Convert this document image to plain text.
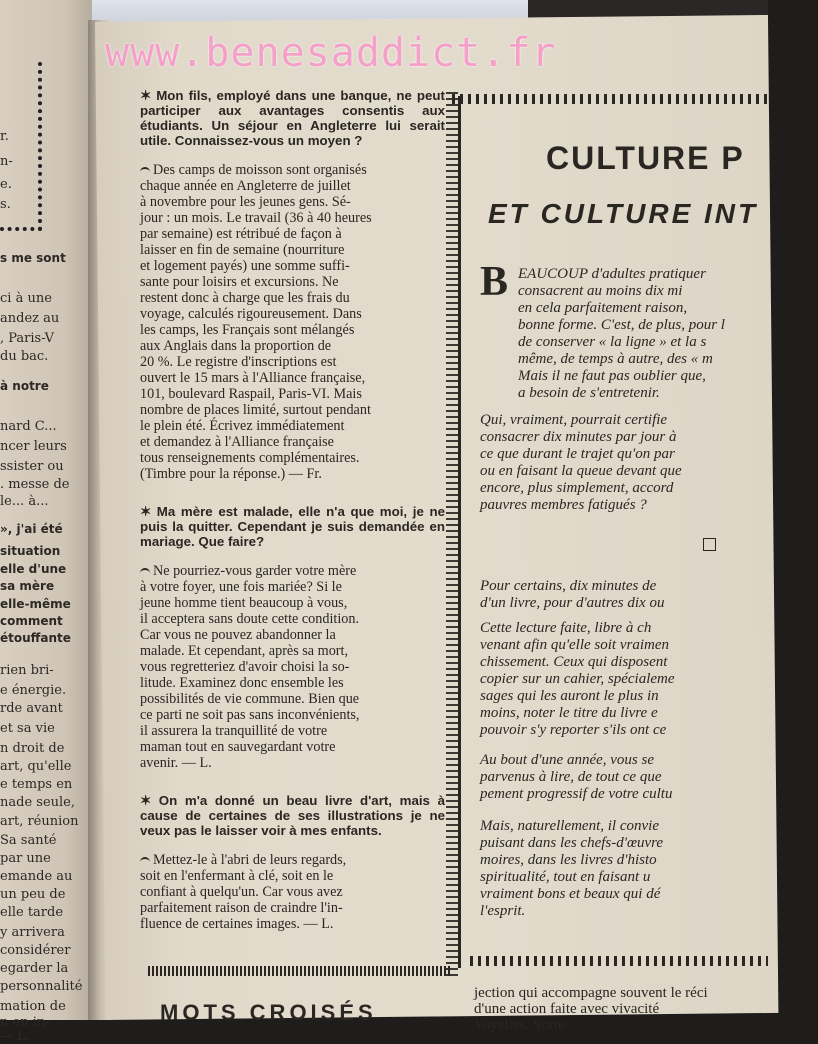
r.
n-
e.
s.
s me sont
ci à une
andez au
, Paris-V
du bac.
à notre
nard C...
ncer leurs
ssister ou
. messe de
le... à...
», j'ai été
situation
elle d'une
sa mère
elle-même
comment
étouffante
rien bri-
e énergie.
rde avant
et sa vie
n droit de
art, qu'elle
e temps en
nade seule,
art, réunion
Sa santé
par une
emande au
un peu de
elle tarde
y arrivera
considérer
egarder la
personnalité
mation de
n en in-
— L.
www.benesaddict.fr

✶ Mon fils, employé dans une banque, ne peut participer aux avantages consentis aux étudiants. Un séjour en Angleterre lui serait utile. Connaissez-vous un moyen ?

Des camps de moisson sont organisés
chaque année en Angleterre de juillet
à novembre pour les jeunes gens. Sé-
jour : un mois. Le travail (36 à 40 heures
par semaine) est rétribué de façon à
laisser en fin de semaine (nourriture
et logement payés) une somme suffi-
sante pour loisirs et excursions. Ne
restent donc à charge que les frais du
voyage, calculés rigoureusement. Dans
les camps, les Français sont mélangés
aux Anglais dans la proportion de
20 %. Le registre d'inscriptions est
ouvert le 15 mars à l'Alliance française,
101, boulevard Raspail, Paris-VI. Mais
nombre de places limité, surtout pendant
le plein été. Écrivez immédiatement
et demandez à l'Alliance française
tous renseignements complémentaires.
(Timbre pour la réponse.) — Fr.

✶ Ma mère est malade, elle n'a que moi, je ne puis la quitter. Cependant je suis demandée en mariage. Que faire?

Ne pourriez-vous garder votre mère
à votre foyer, une fois mariée? Si le
jeune homme tient beaucoup à vous,
il acceptera sans doute cette condition.
Car vous ne pouvez abandonner la
malade. Et cependant, après sa mort,
vous regretteriez d'avoir choisi la so-
litude. Examinez donc ensemble les
possibilités de vie commune. Bien que
ce parti ne soit pas sans inconvénients,
il assurera la tranquillité de votre
maman tout en sauvegardant votre
avenir. — L.

✶ On m'a donné un beau livre d'art, mais à cause de certaines de ses illustrations je ne veux pas le laisser voir à mes enfants.

Mettez-le à l'abri de leurs regards,
soit en l'enfermant à clé, soit en le
confiant à quelqu'un. Car vous avez
parfaitement raison de craindre l'in-
fluence de certaines images. — L.

CULTURE P
ET CULTURE INT
B EAUCOUP d'adultes pratiquer
consacrent au moins dix mi
en cela parfaitement raison,
bonne forme. C'est, de plus, pour l
de conserver « la ligne » et la s
même, de temps à autre, des « m
Mais il ne faut pas oublier que,
a besoin de s'entretenir.
Qui, vraiment, pourrait certifie
consacrer dix minutes par jour à
ce que durant le trajet qu'on par
ou en faisant la queue devant que
encore, plus simplement, accord
pauvres membres fatigués ?
Pour certains, dix minutes de
d'un livre, pour d'autres dix ou
Cette lecture faite, libre à ch
venant afin qu'elle soit vraimen
chissement. Ceux qui disposent
copier sur un cahier, spécialeme
sages qui les auront le plus in
moins, noter le titre du livre e
pouvoir s'y reporter s'ils ont ce
Au bout d'une année, vous se
parvenus à lire, de tout ce que
pement progressif de votre cultu
Mais, naturellement, il convie
puisant dans les chefs-d'œuvre
moires, dans les livres d'histo
spiritualité, tout en faisant u
vraiment bons et beaux qui dé
l'esprit.
jection qui accompagne souvent le réci
d'une action faite avec vivacité
Voyelles. Sorte
MOTS CROISÉS
